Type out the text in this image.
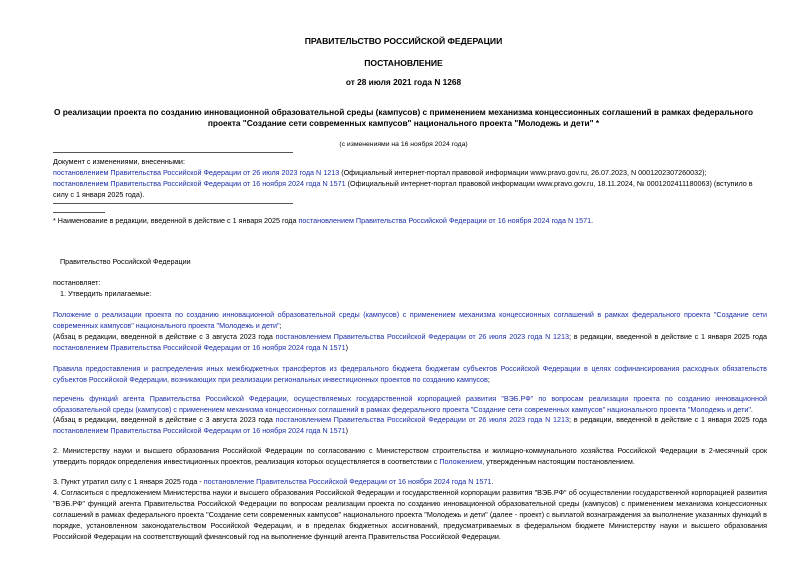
ПРАВИТЕЛЬСТВО РОССИЙСКОЙ ФЕДЕРАЦИИ
ПОСТАНОВЛЕНИЕ
от 28 июля 2021 года N 1268
О реализации проекта по созданию инновационной образовательной среды (кампусов) с применением механизма концессионных соглашений в рамках федерального проекта "Создание сети современных кампусов" национального проекта "Молодежь и дети" *
(с изменениями на 16 ноября 2024 года)
Документ с изменениями, внесенными:
постановлением Правительства Российской Федерации от 26 июля 2023 года N 1213 (Официальный интернет-портал правовой информации www.pravo.gov.ru, 26.07.2023, N 0001202307260032);
постановлением Правительства Российской Федерации от 16 ноября 2024 года N 1571 (Официальный интернет-портал правовой информации www.pravo.gov.ru, 18.11.2024, № 0001202411180063) (вступило в силу с 1 января 2025 года).
* Наименование в редакции, введенной в действие с 1 января 2025 года постановлением Правительства Российской Федерации от 16 ноября 2024 года N 1571.
Правительство Российской Федерации
постановляет:
1. Утвердить прилагаемые:
Положение о реализации проекта по созданию инновационной образовательной среды (кампусов) с применением механизма концессионных соглашений в рамках федерального проекта "Создание сети современных кампусов" национального проекта "Молодежь и дети";
(Абзац в редакции, введенной в действие с 3 августа 2023 года постановлением Правительства Российской Федерации от 26 июля 2023 года N 1213; в редакции, введенной в действие с 1 января 2025 года постановлением Правительства Российской Федерации от 16 ноября 2024 года N 1571)
Правила предоставления и распределения иных межбюджетных трансфертов из федерального бюджета бюджетам субъектов Российской Федерации в целях софинансирования расходных обязательств субъектов Российской Федерации, возникающих при реализации региональных инвестиционных проектов по созданию кампусов;
перечень функций агента Правительства Российской Федерации, осуществляемых государственной корпорацией развития "ВЭБ.РФ" по вопросам реализации проекта по созданию инновационной образовательной среды (кампусов) с применением механизма концессионных соглашений в рамках федерального проекта "Создание сети современных кампусов" национального проекта "Молодежь и дети".
(Абзац в редакции, введенной в действие с 3 августа 2023 года постановлением Правительства Российской Федерации от 26 июля 2023 года N 1213; в редакции, введенной в действие с 1 января 2025 года постановлением Правительства Российской Федерации от 16 ноября 2024 года N 1571)
2. Министерству науки и высшего образования Российской Федерации по согласованию с Министерством строительства и жилищно-коммунального хозяйства Российской Федерации в 2-месячный срок утвердить порядок определения инвестиционных проектов, реализация которых осуществляется в соответствии с Положением, утвержденным настоящим постановлением.
3. Пункт утратил силу с 1 января 2025 года - постановление Правительства Российской Федерации от 16 ноября 2024 года N 1571.
4. Согласиться с предложением Министерства науки и высшего образования Российской Федерации и государственной корпорации развития "ВЭБ.РФ" об осуществлении государственной корпорацией развития "ВЭБ.РФ" функций агента Правительства Российской Федерации по вопросам реализации проекта по созданию инновационной образовательной среды (кампусов) с применением механизма концессионных соглашений в рамках федерального проекта "Создание сети современных кампусов" национального проекта "Молодежь и дети" (далее - проект) с выплатой вознаграждения за выполнение указанных функций в порядке, установленном законодательством Российской Федерации, и в пределах бюджетных ассигнований, предусматриваемых в федеральном бюджете Министерству науки и высшего образования Российской Федерации на соответствующий финансовый год на выполнение функций агента Правительства Российской Федерации.
